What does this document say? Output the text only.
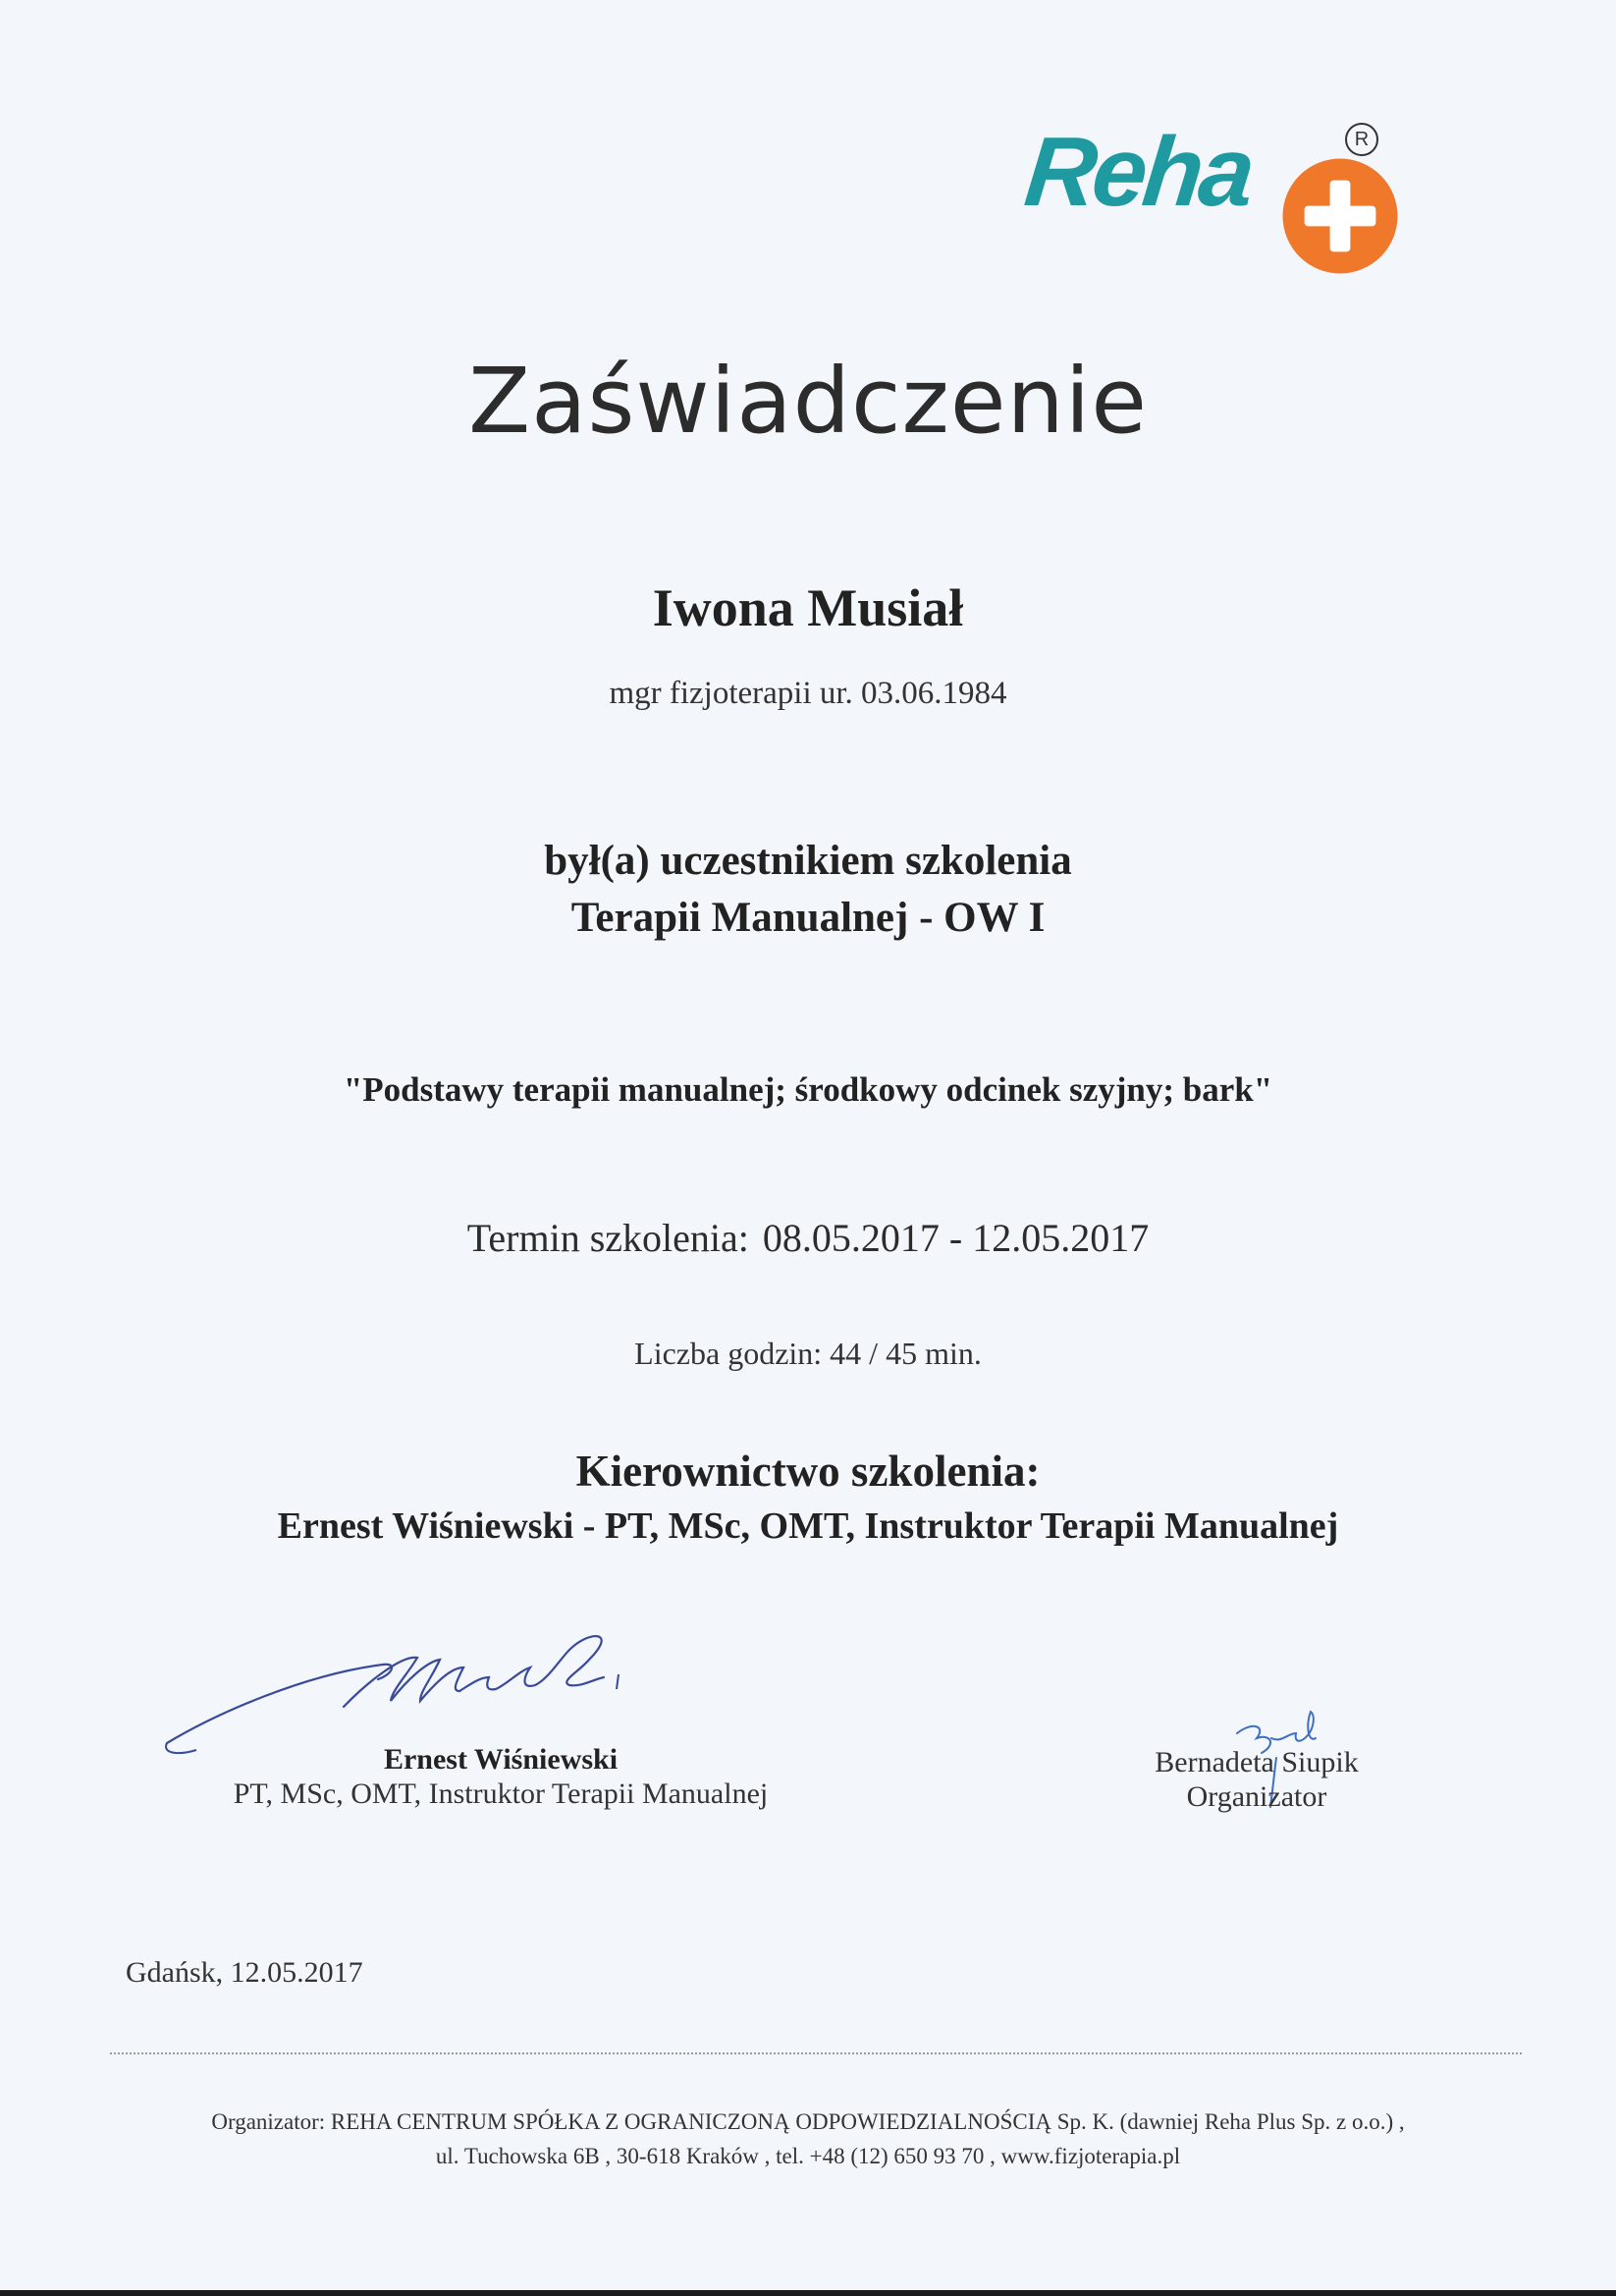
Reha	R
Zaświadczenie
Iwona Musiał
mgr fizjoterapii ur. 03.06.1984
był(a) uczestnikiem szkolenia
Terapii Manualnej - OW I
"Podstawy terapii manualnej; środkowy odcinek szyjny; bark"
Termin szkolenia: 08.05.2017 - 12.05.2017
Liczba godzin: 44 / 45 min.
Kierownictwo szkolenia:
Ernest Wiśniewski - PT, MSc, OMT, Instruktor Terapii Manualnej
Ernest Wiśniewski
PT, MSc, OMT, Instruktor Terapii Manualnej
Bernadeta Siupik
Organizator
Gdańsk, 12.05.2017
Organizator: REHA CENTRUM SPÓŁKA Z OGRANICZONĄ ODPOWIEDZIALNOŚCIĄ Sp. K. (dawniej Reha Plus Sp. z o.o.) ,
ul. Tuchowska 6B , 30-618 Kraków , tel. +48 (12) 650 93 70 , www.fizjoterapia.pl
